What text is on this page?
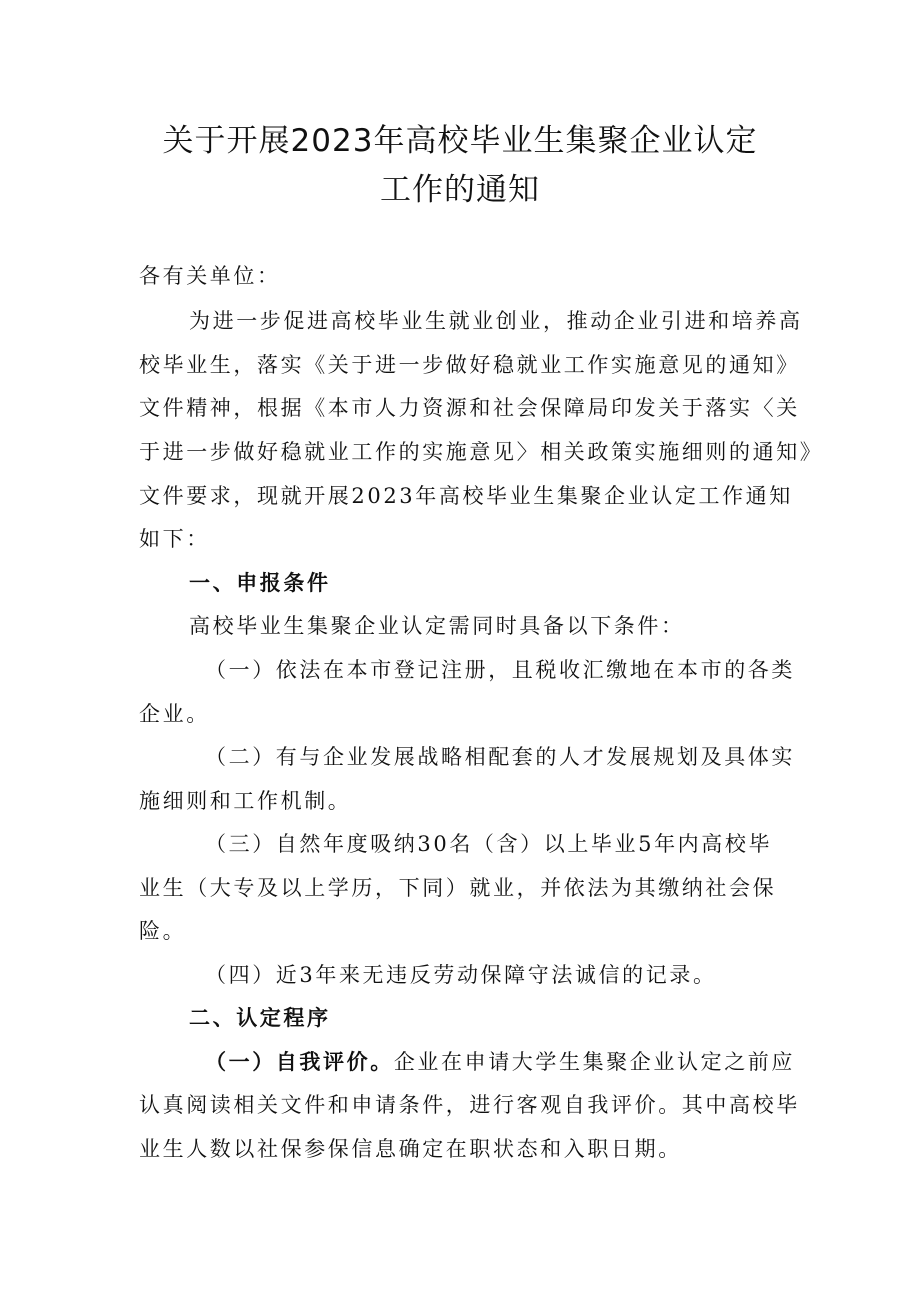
关于开展2023年高校毕业生集聚企业认定
工作的通知
各有关单位：
为进一步促进高校毕业生就业创业，推动企业引进和培养高
校毕业生，落实《关于进一步做好稳就业工作实施意见的通知》
文件精神，根据《本市人力资源和社会保障局印发关于落实〈关
于进一步做好稳就业工作的实施意见〉相关政策实施细则的通知》
文件要求，现就开展2023年高校毕业生集聚企业认定工作通知
如下：
一、申报条件
高校毕业生集聚企业认定需同时具备以下条件：
（一）依法在本市登记注册，且税收汇缴地在本市的各类
企业。
（二）有与企业发展战略相配套的人才发展规划及具体实
施细则和工作机制。
（三）自然年度吸纳30名（含）以上毕业5年内高校毕
业生（大专及以上学历，下同）就业，并依法为其缴纳社会保
险。
（四）近3年来无违反劳动保障守法诚信的记录。
二、认定程序
（一）自我评价。企业在申请大学生集聚企业认定之前应
认真阅读相关文件和申请条件，进行客观自我评价。其中高校毕
业生人数以社保参保信息确定在职状态和入职日期。
